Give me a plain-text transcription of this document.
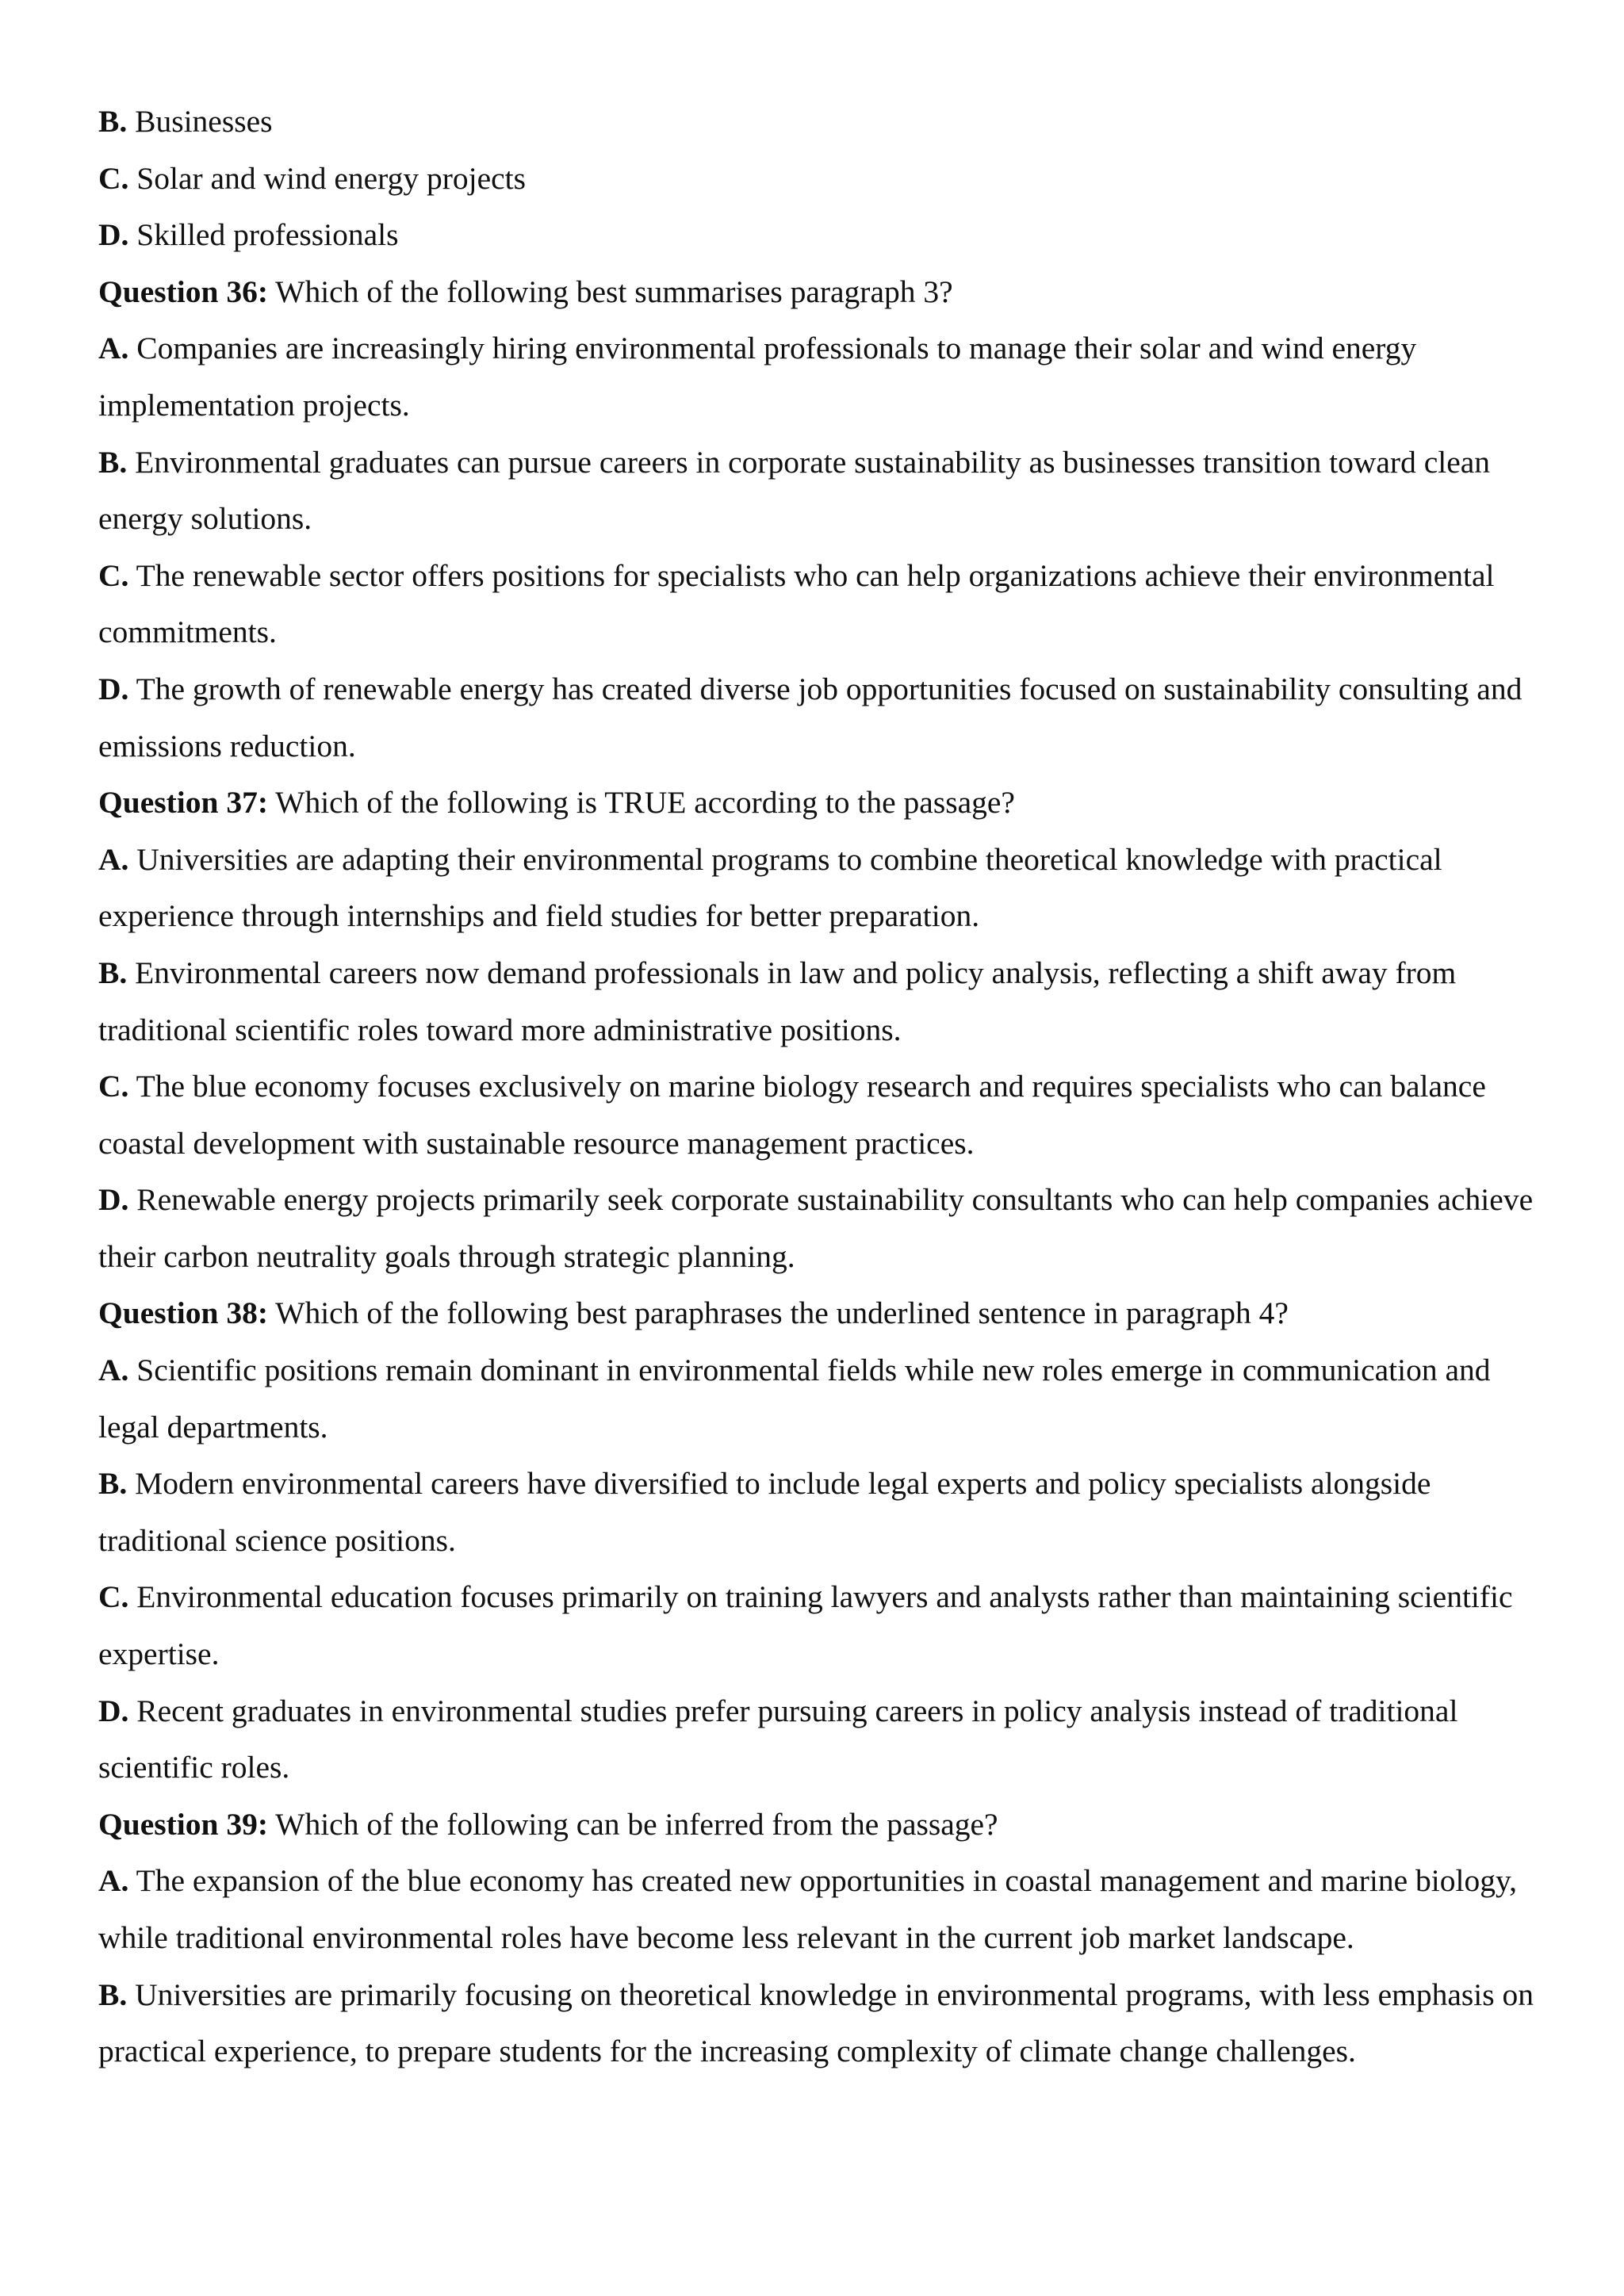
B. Businesses

C. Solar and wind energy projects

D. Skilled professionals

Question 36: Which of the following best summarises paragraph 3?

A. Companies are increasingly hiring environmental professionals to manage their solar and wind energy implementation projects.

B. Environmental graduates can pursue careers in corporate sustainability as businesses transition toward clean energy solutions.

C. The renewable sector offers positions for specialists who can help organizations achieve their environmental commitments.

D. The growth of renewable energy has created diverse job opportunities focused on sustainability consulting and emissions reduction.

Question 37: Which of the following is TRUE according to the passage?

A. Universities are adapting their environmental programs to combine theoretical knowledge with practical experience through internships and field studies for better preparation.

B. Environmental careers now demand professionals in law and policy analysis, reflecting a shift away from traditional scientific roles toward more administrative positions.

C. The blue economy focuses exclusively on marine biology research and requires specialists who can balance coastal development with sustainable resource management practices.

D. Renewable energy projects primarily seek corporate sustainability consultants who can help companies achieve their carbon neutrality goals through strategic planning.

Question 38: Which of the following best paraphrases the underlined sentence in paragraph 4?

A. Scientific positions remain dominant in environmental fields while new roles emerge in communication and legal departments.

B. Modern environmental careers have diversified to include legal experts and policy specialists alongside traditional science positions.

C. Environmental education focuses primarily on training lawyers and analysts rather than maintaining scientific expertise.

D. Recent graduates in environmental studies prefer pursuing careers in policy analysis instead of traditional scientific roles.

Question 39: Which of the following can be inferred from the passage?

A. The expansion of the blue economy has created new opportunities in coastal management and marine biology, while traditional environmental roles have become less relevant in the current job market landscape.

B. Universities are primarily focusing on theoretical knowledge in environmental programs, with less emphasis on practical experience, to prepare students for the increasing complexity of climate change challenges.
